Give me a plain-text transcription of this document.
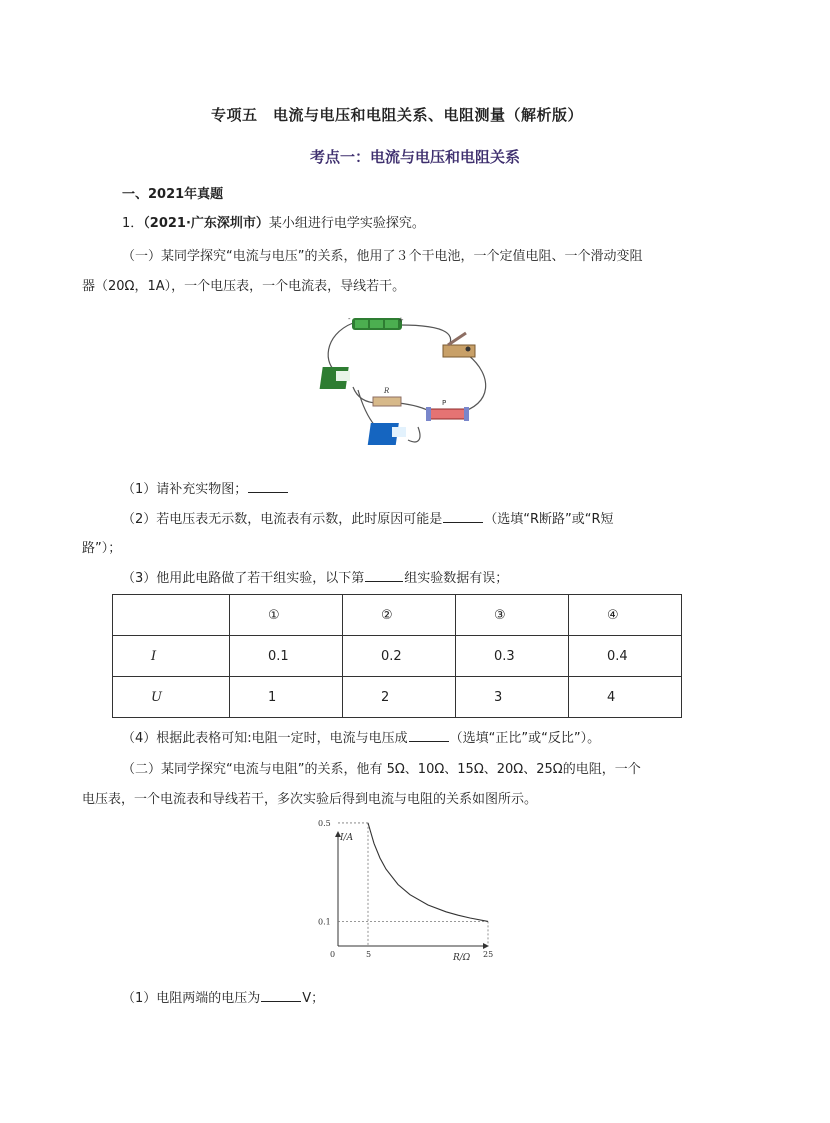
专项五　电流与电压和电阻关系、电阻测量（解析版）
考点一：电流与电压和电阻关系
一、2021年真题
1．（2021·广东深圳市）某小组进行电学实验探究。
（一）某同学探究“电流与电压”的关系，他用了３个干电池，一个定值电阻、一个滑动变阻
器（20Ω，1A），一个电压表，一个电流表，导线若干。
-	+
R
P
（1）请补充实物图；
（2）若电压表无示数，电流表有示数，此时原因可能是	（选填“R断路”或“R短
路”）；
（3）他用此电路做了若干组实验，以下第	组实验数据有误；
	①	②	③	④
I	0.1	0.2	0.3	0.4
U	1	2	3	4
（4）根据此表格可知:电阻一定时，电流与电压成	（选填“正比”或“反比”）。
（二）某同学探究“电流与电阻”的关系，他有 5Ω、10Ω、15Ω、20Ω、25Ω的电阻，一个
电压表，一个电流表和导线若干，多次实验后得到电流与电阻的关系如图所示。
I/A
R/Ω
0	5	25
0.5
0.1
（1）电阻两端的电压为	V；
